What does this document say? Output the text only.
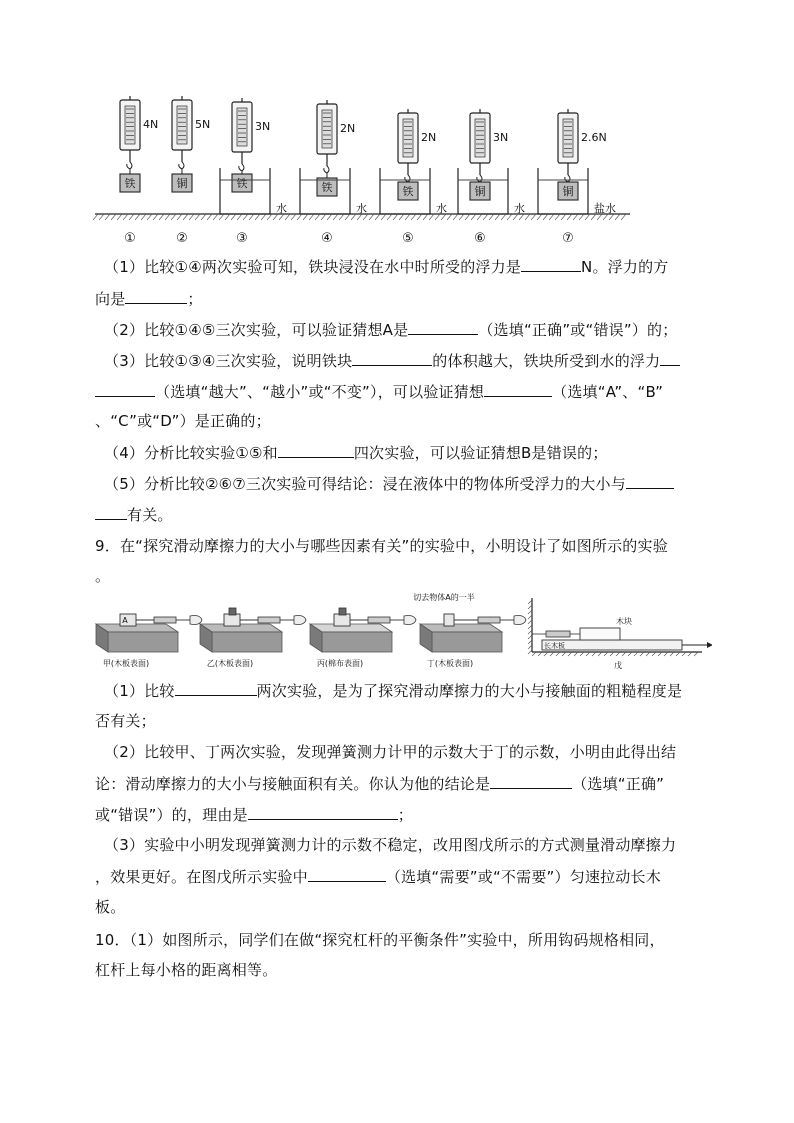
4N
铁
①
5N
铜
②
3N
铁
水
③
2N
铁
水
④
2N
铁
水
⑤
3N
铜
水
⑥
2.6N
铜
盐水
⑦
（1）比较①④两次实验可知，铁块浸没在水中时所受的浮力是	N。浮力的方
向是	；
（2）比较①④⑤三次实验，可以验证猜想A是	（选填“正确”或“错误”）的；
（3）比较①③④三次实验，说明铁块	的体积越大，铁块所受到水的浮力
（选填“越大”、“越小”或“不变”），可以验证猜想	（选填“A”、“B”
、“C”或“D”）是正确的；
（4）分析比较实验①⑤和	四次实验，可以验证猜想B是错误的；
（5）分析比较②⑥⑦三次实验可得结论：浸在液体中的物体所受浮力的大小与
有关。
9．在“探究滑动摩擦力的大小与哪些因素有关”的实验中，小明设计了如图所示的实验
。
A
甲(木板表面)	乙(木板表面)	丙(棉布表面)	丁(木板表面)
切去物体A的一半
木块
长木板
戊
（1）比较	两次实验，是为了探究滑动摩擦力的大小与接触面的粗糙程度是
否有关；
（2）比较甲、丁两次实验，发现弹簧测力计甲的示数大于丁的示数，小明由此得出结
论：滑动摩擦力的大小与接触面积有关。你认为他的结论是	（选填“正确”
或“错误”）的，理由是	；
（3）实验中小明发现弹簧测力计的示数不稳定，改用图戊所示的方式测量滑动摩擦力
，效果更好。在图戊所示实验中	（选填“需要”或“不需要”）匀速拉动长木
板。
10．（1）如图所示，同学们在做“探究杠杆的平衡条件”实验中，所用钩码规格相同，
杠杆上每小格的距离相等。
